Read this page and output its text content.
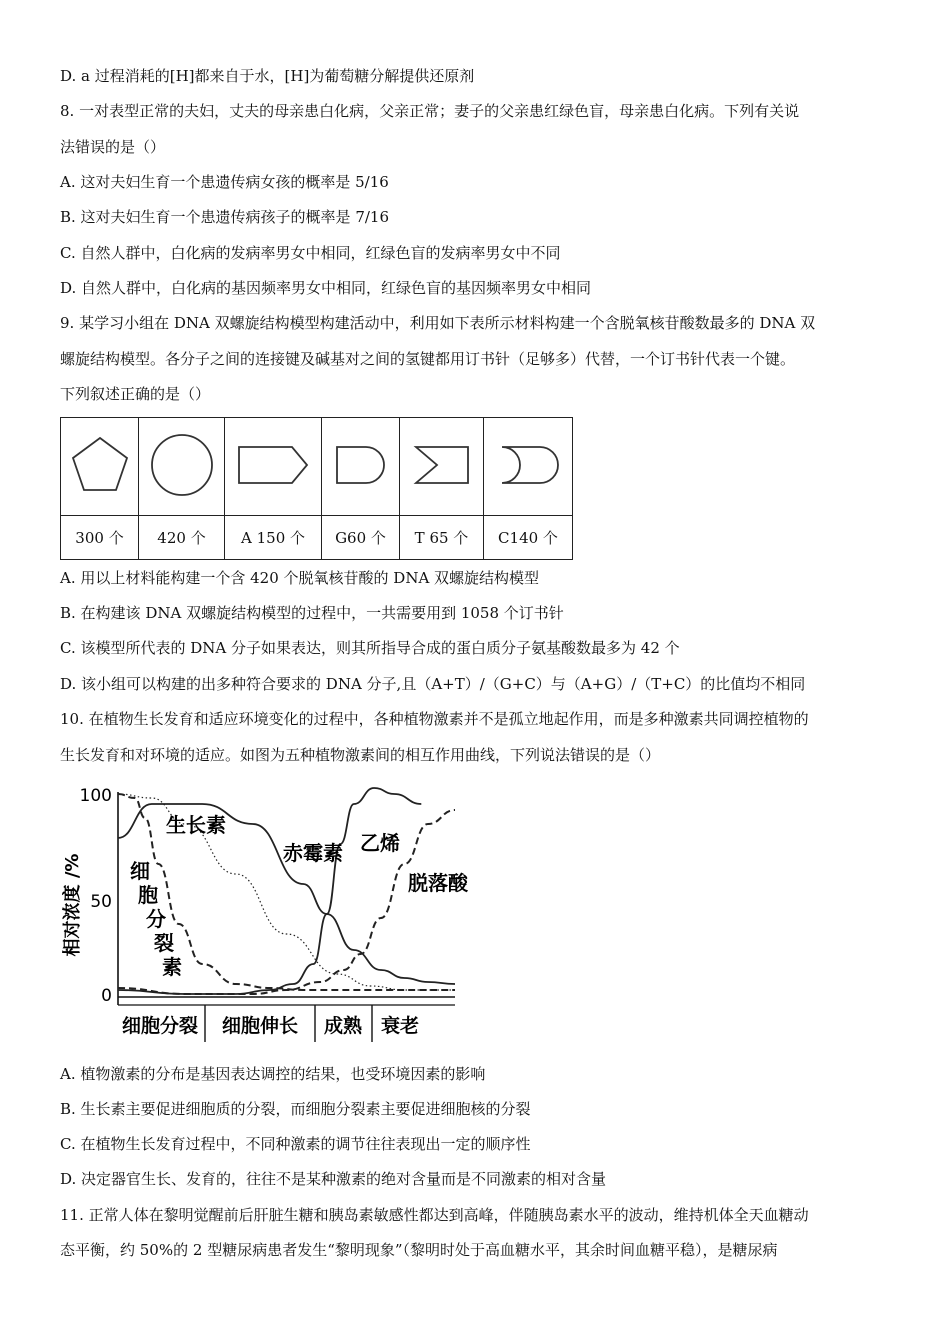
D. a 过程消耗的[H]都来自于水，[H]为葡萄糖分解提供还原剂
8. 一对表型正常的夫妇，丈夫的母亲患白化病，父亲正常；妻子的父亲患红绿色盲，母亲患白化病。下列有关说
法错误的是（）
A. 这对夫妇生育一个患遗传病女孩的概率是 5/16
B. 这对夫妇生育一个患遗传病孩子的概率是 7/16
C. 自然人群中，白化病的发病率男女中相同，红绿色盲的发病率男女中不同
D. 自然人群中，白化病的基因频率男女中相同，红绿色盲的基因频率男女中相同
9. 某学习小组在 DNA 双螺旋结构模型构建活动中，利用如下表所示材料构建一个含脱氧核苷酸数最多的 DNA 双
螺旋结构模型。各分子之间的连接键及碱基对之间的氢键都用订书针（足够多）代替，一个订书针代表一个键。
下列叙述正确的是（）

300 个	420 个	A 150 个	G60 个	T 65 个	C140 个
A. 用以上材料能构建一个含 420 个脱氧核苷酸的 DNA 双螺旋结构模型
B. 在构建该 DNA 双螺旋结构模型的过程中，一共需要用到 1058 个订书针
C. 该模型所代表的 DNA 分子如果表达，则其所指导合成的蛋白质分子氨基酸数最多为 42 个
D. 该小组可以构建的出多种符合要求的 DNA 分子,且（A+T）/（G+C）与（A+G）/（T+C）的比值均不相同
10. 在植物生长发育和适应环境变化的过程中，各种植物激素并不是孤立地起作用，而是多种激素共同调控植物的
生长发育和对环境的适应。如图为五种植物激素间的相互作用曲线，下列说法错误的是（）
相对浓度 /%
100
50
0
生长素
赤霉素 乙烯
脱落酸
细胞分裂素
细胞分裂 细胞伸长 成熟 衰老
A. 植物激素的分布是基因表达调控的结果，也受环境因素的影响
B. 生长素主要促进细胞质的分裂，而细胞分裂素主要促进细胞核的分裂
C. 在植物生长发育过程中，不同种激素的调节往往表现出一定的顺序性
D. 决定器官生长、发育的，往往不是某种激素的绝对含量而是不同激素的相对含量
11. 正常人体在黎明觉醒前后肝脏生糖和胰岛素敏感性都达到高峰，伴随胰岛素水平的波动，维持机体全天血糖动
态平衡，约 50%的 2 型糖尿病患者发生“黎明现象”（黎明时处于高血糖水平，其余时间血糖平稳），是糖尿病
